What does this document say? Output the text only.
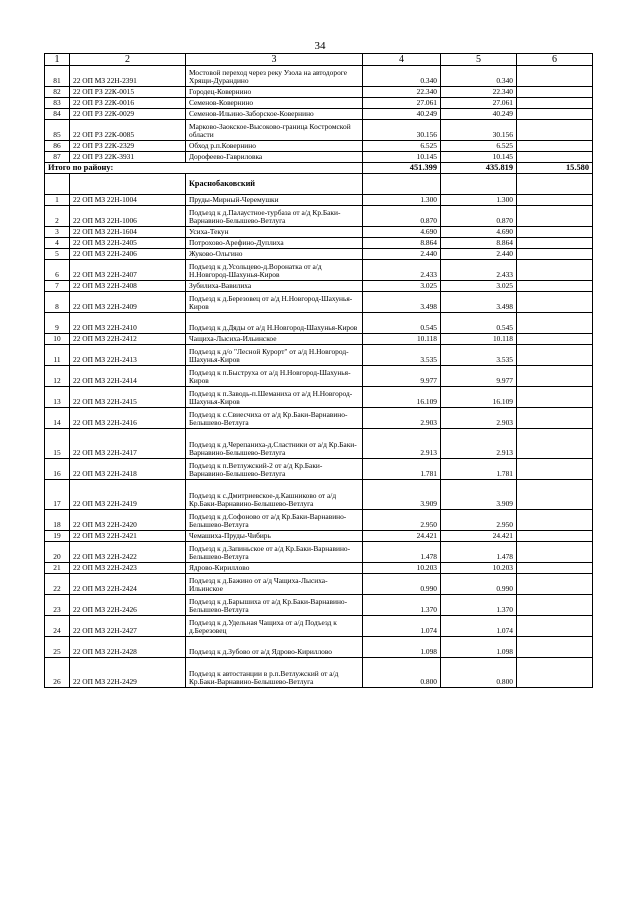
34
1	2	3	4	5	6
81	22 ОП МЗ 22Н-2391	Мостовой переход через реку Узола на автодороге Хрящи-Дурандино	0.340	0.340	
82	22 ОП РЗ 22К-0015	Городец-Ковернино	22.340	22.340	
83	22 ОП РЗ 22К-0016	Семенов-Ковернино	27.061	27.061	
84	22 ОП РЗ 22К-0029	Семенов-Ильино-Заборское-Ковернино	40.249	40.249	
85	22 ОП РЗ 22К-0085	Марково-Заокское-Высоково-граница Костромской области	30.156	30.156	
86	22 ОП РЗ 22К-2329	Обход р.п.Ковернино	6.525	6.525	
87	22 ОП РЗ 22К-3931	Дорофеево-Гавриловка	10.145	10.145	
Итого по району:			451.399	435.819	15.580
		Краснобаковский			
1	22 ОП МЗ 22Н-1004	Пруды-Мирный-Черемушки	1.300	1.300	
2	22 ОП МЗ 22Н-1006	Подъезд к д.Палаустное-турбаза от а/д Кр.Баки-Варнавино-Белышево-Ветлуга	0.870	0.870	
3	22 ОП МЗ 22Н-1604	Усиха-Текун	4.690	4.690	
4	22 ОП МЗ 22Н-2405	Потрохово-Арефино-Дуплиха	8.864	8.864	
5	22 ОП МЗ 22Н-2406	Жуково-Ольгино	2.440	2.440	
6	22 ОП МЗ 22Н-2407	Подъезд к д.Усольцево-д.Воронатка от а/д Н.Новгород-Шахунья-Киров	2.433	2.433	
7	22 ОП МЗ 22Н-2408	Зубилиха-Вавилиха	3.025	3.025	
8	22 ОП МЗ 22Н-2409	Подъезд к д.Березовец от а/д Н.Новгород-Шахунья-Киров	3.498	3.498	
9	22 ОП МЗ 22Н-2410	Подъезд к д.Дяды от а/д Н.Новгород-Шахунья-Киров	0.545	0.545	
10	22 ОП МЗ 22Н-2412	Чащиха-Лысиха-Ильинское	10.118	10.118	
11	22 ОП МЗ 22Н-2413	Подъезд к д/о "Лесной Курорт" от а/д Н.Новгород-Шахунья-Киров	3.535	3.535	
12	22 ОП МЗ 22Н-2414	Подъезд к п.Быструха от а/д Н.Новгород-Шахунья-Киров	9.977	9.977	
13	22 ОП МЗ 22Н-2415	Подъезд к п.Заводь-п.Шеманиха от а/д Н.Новгород-Шахунья-Киров	16.109	16.109	
14	22 ОП МЗ 22Н-2416	Подъезд к с.Свиесчиха от а/д Кр.Баки-Варнавино-Белышево-Ветлуга	2.903	2.903	
15	22 ОП МЗ 22Н-2417	Подъезд к д.Черепаниха-д.Сластники от а/д Кр.Баки-Варнавино-Белышево-Ветлуга	2.913	2.913	
16	22 ОП МЗ 22Н-2418	Подъезд к п.Ветлужский-2 от а/д Кр.Баки-Варнавино-Белышево-Ветлуга	1.781	1.781	
17	22 ОП МЗ 22Н-2419	Подъезд к с.Дмитриевское-д.Кашниково от а/д Кр.Баки-Варнавино-Белышево-Ветлуга	3.909	3.909	
18	22 ОП МЗ 22Н-2420	Подъезд к д.Софоново от а/д Кр.Баки-Варнавино-Белышево-Ветлуга	2.950	2.950	
19	22 ОП МЗ 22Н-2421	Чемашиха-Пруды-Чибирь	24.421	24.421	
20	22 ОП МЗ 22Н-2422	Подъезд к д.Запиньское от а/д Кр.Баки-Варнавино-Белышево-Ветлуга	1.478	1.478	
21	22 ОП МЗ 22Н-2423	Ядрово-Кириллово	10.203	10.203	
22	22 ОП МЗ 22Н-2424	Подъезд к д.Бажино от а/д Чащиха-Лысиха-Ильинское	0.990	0.990	
23	22 ОП МЗ 22Н-2426	Подъезд к д.Барышиха от а/д Кр.Баки-Варнавино-Белышево-Ветлуга	1.370	1.370	
24	22 ОП МЗ 22Н-2427	Подъезд к д.Удельная Чащиха от а/д Подъезд к д.Березовец	1.074	1.074	
25	22 ОП МЗ 22Н-2428	Подъезд к д.Зубово от а/д Ядрово-Кириллово	1.098	1.098	
26	22 ОП МЗ 22Н-2429	Подъезд к автостанции в р.п.Ветлужский от а/д Кр.Баки-Варнавино-Белышево-Ветлуга	0.800	0.800	
